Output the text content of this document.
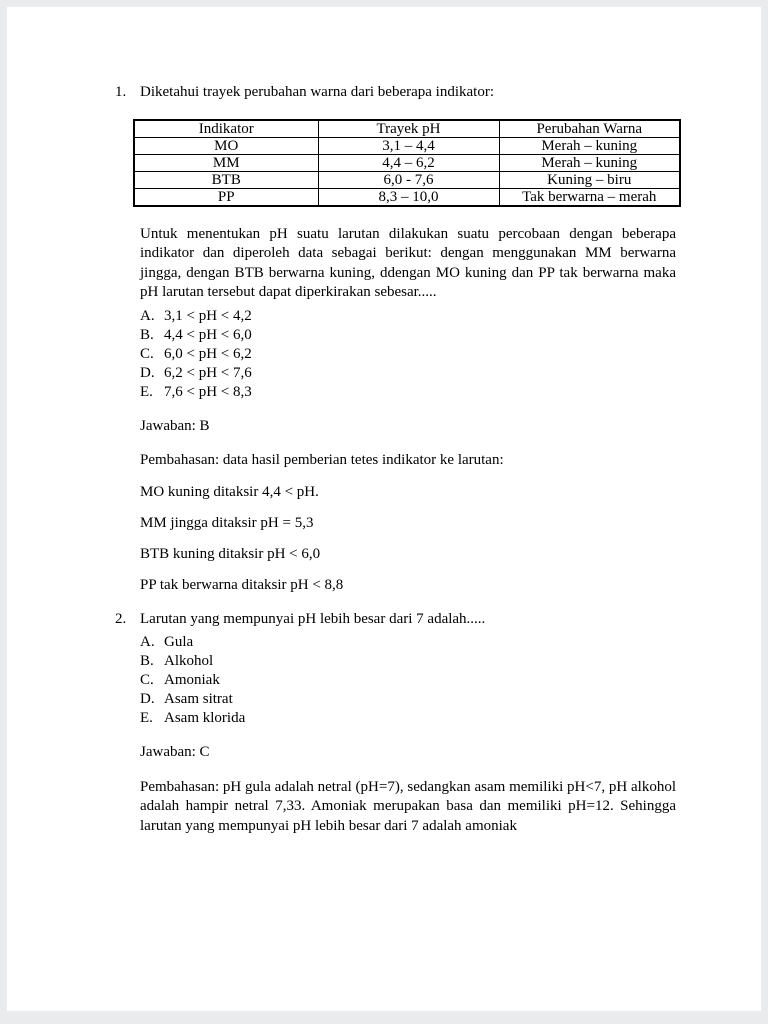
1. Diketahui trayek perubahan warna dari beberapa indikator:
Indikator	Trayek pH	Perubahan Warna
MO	3,1 – 4,4	Merah – kuning
MM	4,4 – 6,2	Merah – kuning
BTB	6,0 - 7,6	Kuning – biru
PP	8,3 – 10,0	Tak berwarna – merah

Untuk menentukan pH suatu larutan dilakukan suatu percobaan dengan beberapa indikator dan diperoleh data sebagai berikut: dengan menggunakan MM berwarna jingga, dengan BTB berwarna kuning, ddengan MO kuning dan PP tak berwarna maka pH larutan tersebut dapat diperkirakan sebesar.....

A. 3,1 < pH < 4,2
B. 4,4 < pH < 6,0
C. 6,0 < pH < 6,2
D. 6,2 < pH < 7,6
E. 7,6 < pH < 8,3

Jawaban: B

Pembahasan: data hasil pemberian tetes indikator ke larutan:

MO kuning ditaksir 4,4 < pH.

MM jingga ditaksir pH = 5,3

BTB kuning ditaksir pH < 6,0

PP tak berwarna ditaksir pH < 8,8

2. Larutan yang mempunyai pH lebih besar dari 7 adalah.....
A. Gula
B. Alkohol
C. Amoniak
D. Asam sitrat
E. Asam klorida

Jawaban: C

Pembahasan: pH gula adalah netral (pH=7), sedangkan asam memiliki pH<7, pH alkohol adalah hampir netral 7,33. Amoniak merupakan basa dan memiliki pH=12. Sehingga larutan yang mempunyai pH lebih besar dari 7 adalah amoniak
